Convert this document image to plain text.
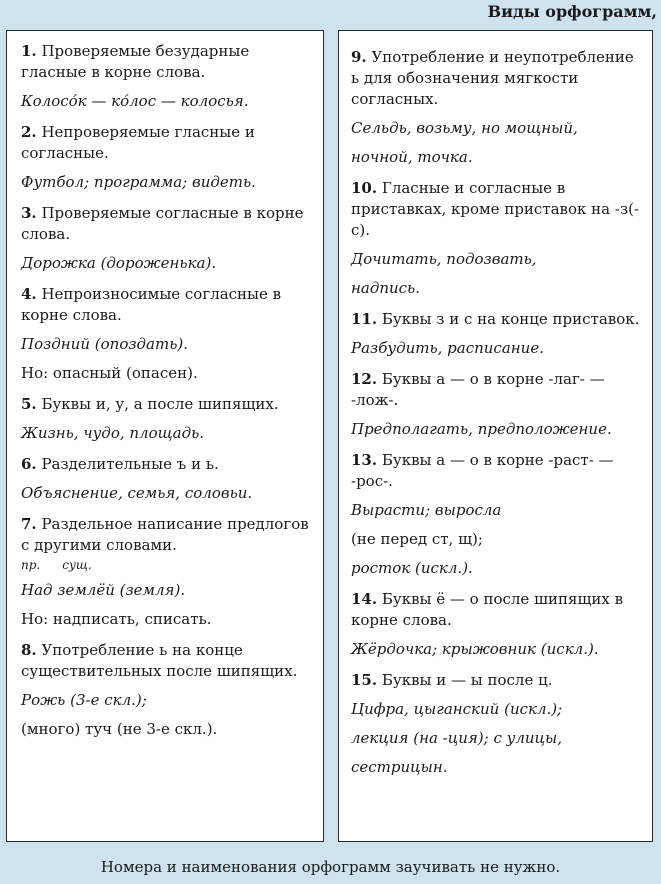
Виды орфограмм,
1. Проверяемые безударные гласные в корне слова.
Колосо́к — ко́лос — колосья.
2. Непроверяемые гласные и согласные.
Футбол; программа; видеть.
3. Проверяемые согласные в корне слова.
Дорожка (дороженька).
4. Непроизносимые согласные в корне слова.
Поздний (опоздать).
Но: опасный (опасен).
5. Буквы и, у, а после шипящих.
Жизнь, чудо, площадь.
6. Разделительные ъ и ь.
Объяснение, семья, соловьи.
7. Раздельное написание предлогов с другими словами.
пр. сущ.
Над землёй (земля).
Но: надписать, списать.
8. Употребление ь на конце существительных после шипящих.
Рожь (3-е скл.);
(много) туч (не 3-е скл.).
9. Употребление и неупотребление ь для обозначения мягкости согласных.
Сельдь, возьму, но мощный,
ночной, точка.
10. Гласные и согласные в приставках, кроме приставок на -з(-с).
Дочитать, подозвать,
надпись.
11. Буквы з и с на конце приставок.
Разбудить, расписание.
12. Буквы а — о в корне -лаг- — -лож-.
Предполагать, предположение.
13. Буквы а — о в корне -раст- — -рос-.
Вырасти; выросла
(не перед ст, щ);
росток (искл.).
14. Буквы ё — о после шипящих в корне слова.
Жёрдочка; крыжовник (искл.).
15. Буквы и — ы после ц.
Цифра, цыганский (искл.);
лекция (на -ция); с улицы,
сестрицын.
Номера и наименования орфограмм заучивать не нужно.
